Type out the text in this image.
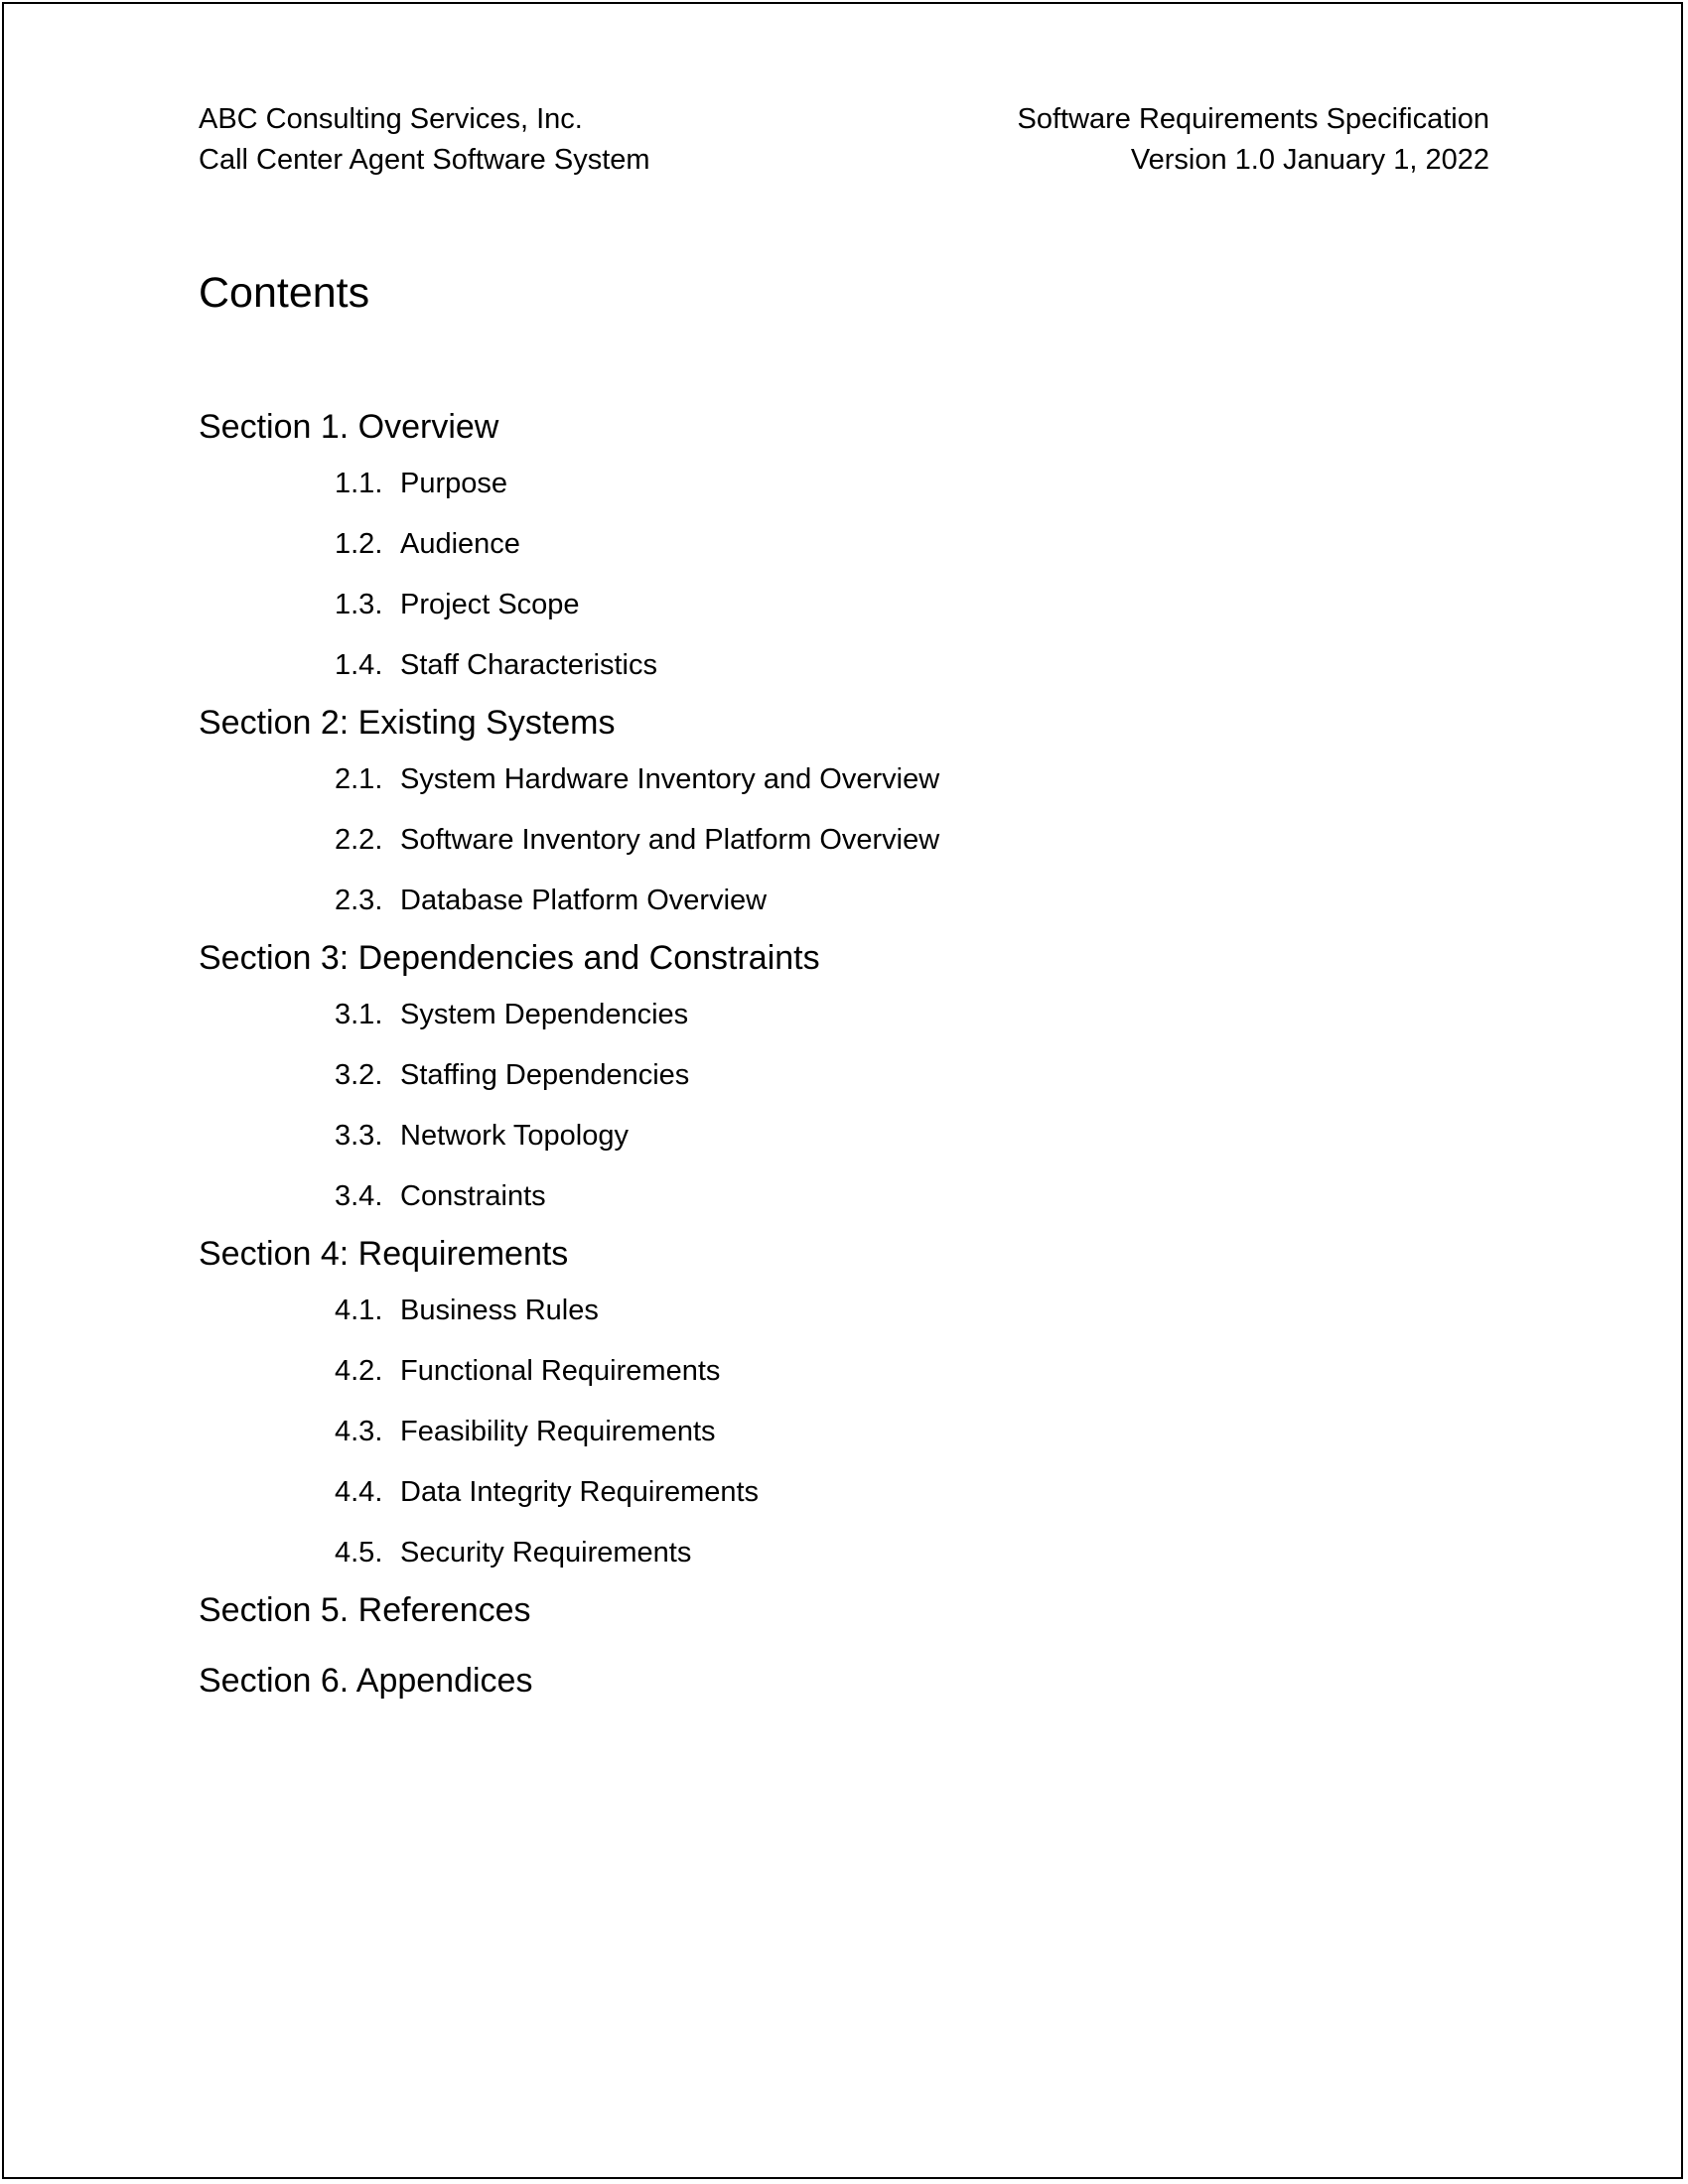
ABC Consulting Services, Inc.
Call Center Agent Software System
Software Requirements Specification
Version 1.0 January 1, 2022
Contents
Section 1. Overview
1.1. Purpose
1.2. Audience
1.3. Project Scope
1.4. Staff Characteristics
Section 2: Existing Systems
2.1. System Hardware Inventory and Overview
2.2. Software Inventory and Platform Overview
2.3. Database Platform Overview
Section 3: Dependencies and Constraints
3.1. System Dependencies
3.2. Staffing Dependencies
3.3. Network Topology
3.4. Constraints
Section 4: Requirements
4.1. Business Rules
4.2. Functional Requirements
4.3. Feasibility Requirements
4.4. Data Integrity Requirements
4.5. Security Requirements
Section 5. References
Section 6. Appendices
